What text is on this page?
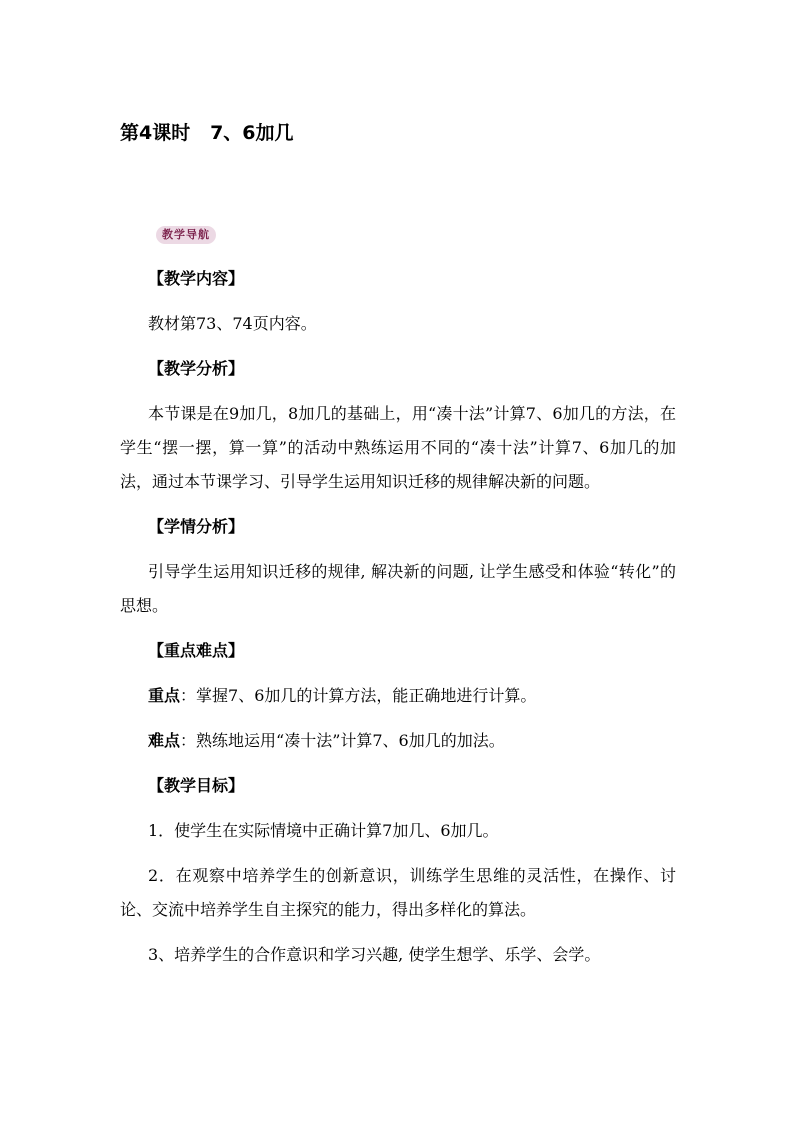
第4课时   7、6加几
教学导航

【教学内容】

教材第73、74页内容。

【教学分析】

本节课是在9加几，8加几的基础上，用“凑十法”计算7、6加几的方法，在学生“摆一摆，算一算”的活动中熟练运用不同的“凑十法”计算7、6加几的加法，通过本节课学习、引导学生运用知识迁移的规律解决新的问题。

【学情分析】

引导学生运用知识迁移的规律, 解决新的问题, 让学生感受和体验“转化”的思想。

【重点难点】

重点：掌握7、6加几的计算方法，能正确地进行计算。

难点：熟练地运用“凑十法”计算7、6加几的加法。

【教学目标】

1．使学生在实际情境中正确计算7加几、6加几。

2．在观察中培养学生的创新意识，训练学生思维的灵活性，在操作、讨论、交流中培养学生自主探究的能力，得出多样化的算法。

3、培养学生的合作意识和学习兴趣, 使学生想学、乐学、会学。
